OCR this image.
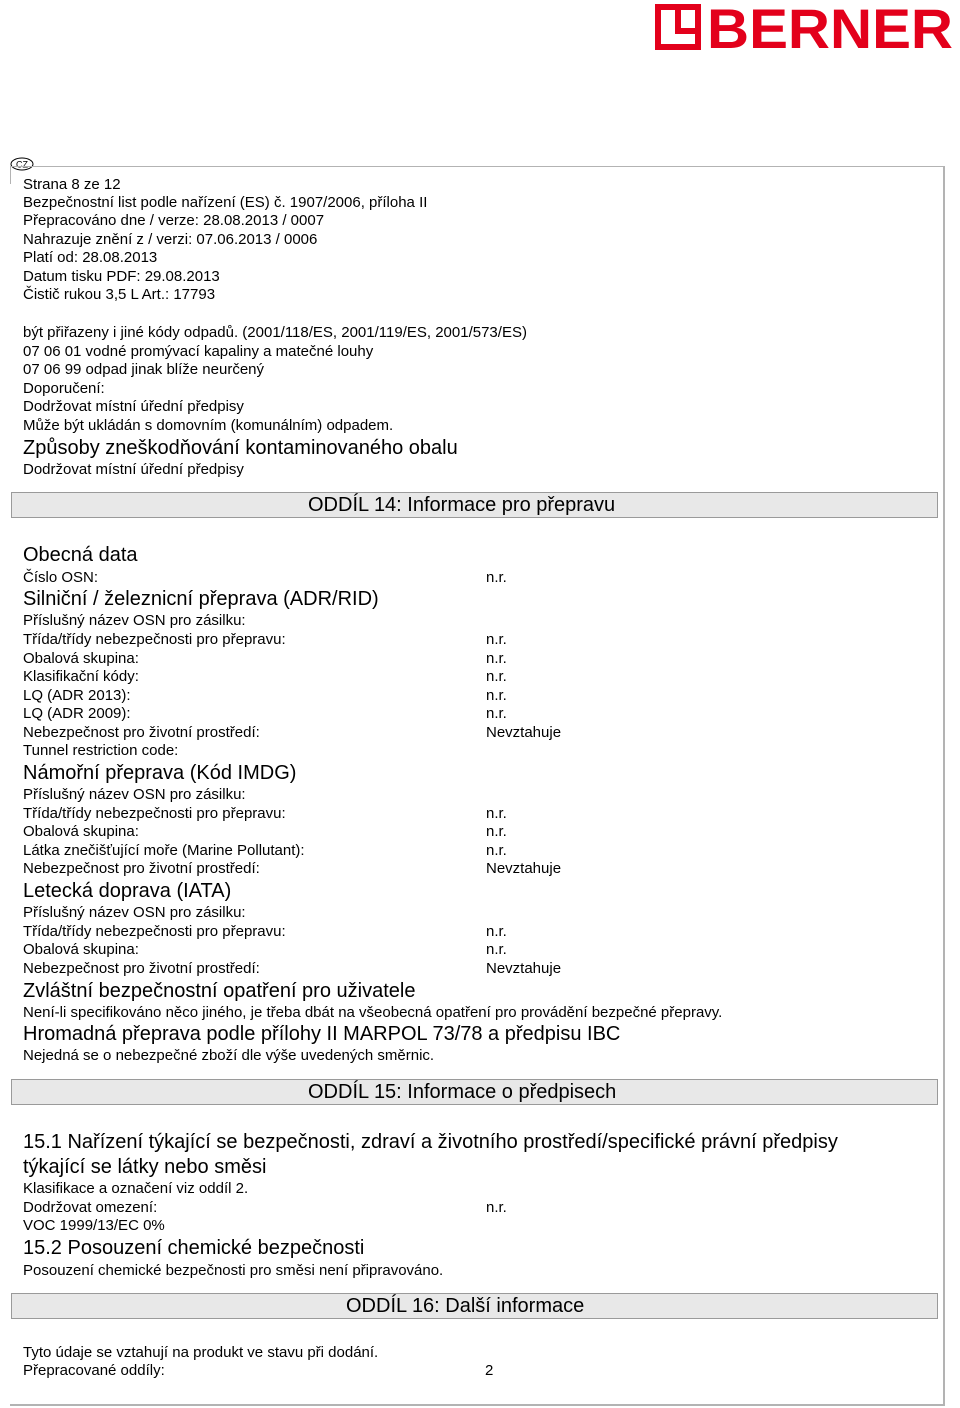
BERNER
CZ
Strana 8 ze 12
Bezpečnostní list podle nařízení (ES) č. 1907/2006, příloha II
Přepracováno dne / verze: 28.08.2013 / 0007
Nahrazuje znění z / verzi: 07.06.2013 / 0006
Platí od: 28.08.2013
Datum tisku PDF: 29.08.2013
Čistič rukou 3,5 L Art.: 17793
být přiřazeny i jiné kódy odpadů. (2001/118/ES, 2001/119/ES, 2001/573/ES)
07 06 01 vodné promývací kapaliny a matečné louhy
07 06 99 odpad jinak blíže neurčený
Doporučení:
Dodržovat místní úřední předpisy
Může být ukládán s domovním (komunálním) odpadem.
Způsoby zneškodňování kontaminovaného obalu
Dodržovat místní úřední předpisy
ODDÍL 14: Informace pro přepravu
Obecná data
Číslo OSN:	n.r.
Silniční / železnicní přeprava (ADR/RID)
Příslušný název OSN pro zásilku:
Třída/třídy nebezpečnosti pro přepravu:	n.r.
Obalová skupina:	n.r.
Klasifikační kódy:	n.r.
LQ (ADR 2013):	n.r.
LQ (ADR 2009):	n.r.
Nebezpečnost pro životní prostředí:	Nevztahuje
Tunnel restriction code:
Námořní přeprava (Kód IMDG)
Příslušný název OSN pro zásilku:
Třída/třídy nebezpečnosti pro přepravu:	n.r.
Obalová skupina:	n.r.
Látka znečišťující moře (Marine Pollutant):	n.r.
Nebezpečnost pro životní prostředí:	Nevztahuje
Letecká doprava (IATA)
Příslušný název OSN pro zásilku:
Třída/třídy nebezpečnosti pro přepravu:	n.r.
Obalová skupina:	n.r.
Nebezpečnost pro životní prostředí:	Nevztahuje
Zvláštní bezpečnostní opatření pro uživatele
Není-li specifikováno něco jiného, je třeba dbát na všeobecná opatření pro provádění bezpečné přepravy.
Hromadná přeprava podle přílohy II MARPOL 73/78 a předpisu IBC
Nejedná se o nebezpečné zboží dle výše uvedených směrnic.
ODDÍL 15: Informace o předpisech
15.1 Nařízení týkající se bezpečnosti, zdraví a životního prostředí/specifické právní předpisy
týkající se látky nebo směsi
Klasifikace a označení viz oddíl 2.
Dodržovat omezení:	n.r.
VOC 1999/13/EC 0%
15.2 Posouzení chemické bezpečnosti
Posouzení chemické bezpečnosti pro směsi není připravováno.
ODDÍL 16: Další informace
Tyto údaje se vztahují na produkt ve stavu při dodání.
Přepracované oddíly:	2
